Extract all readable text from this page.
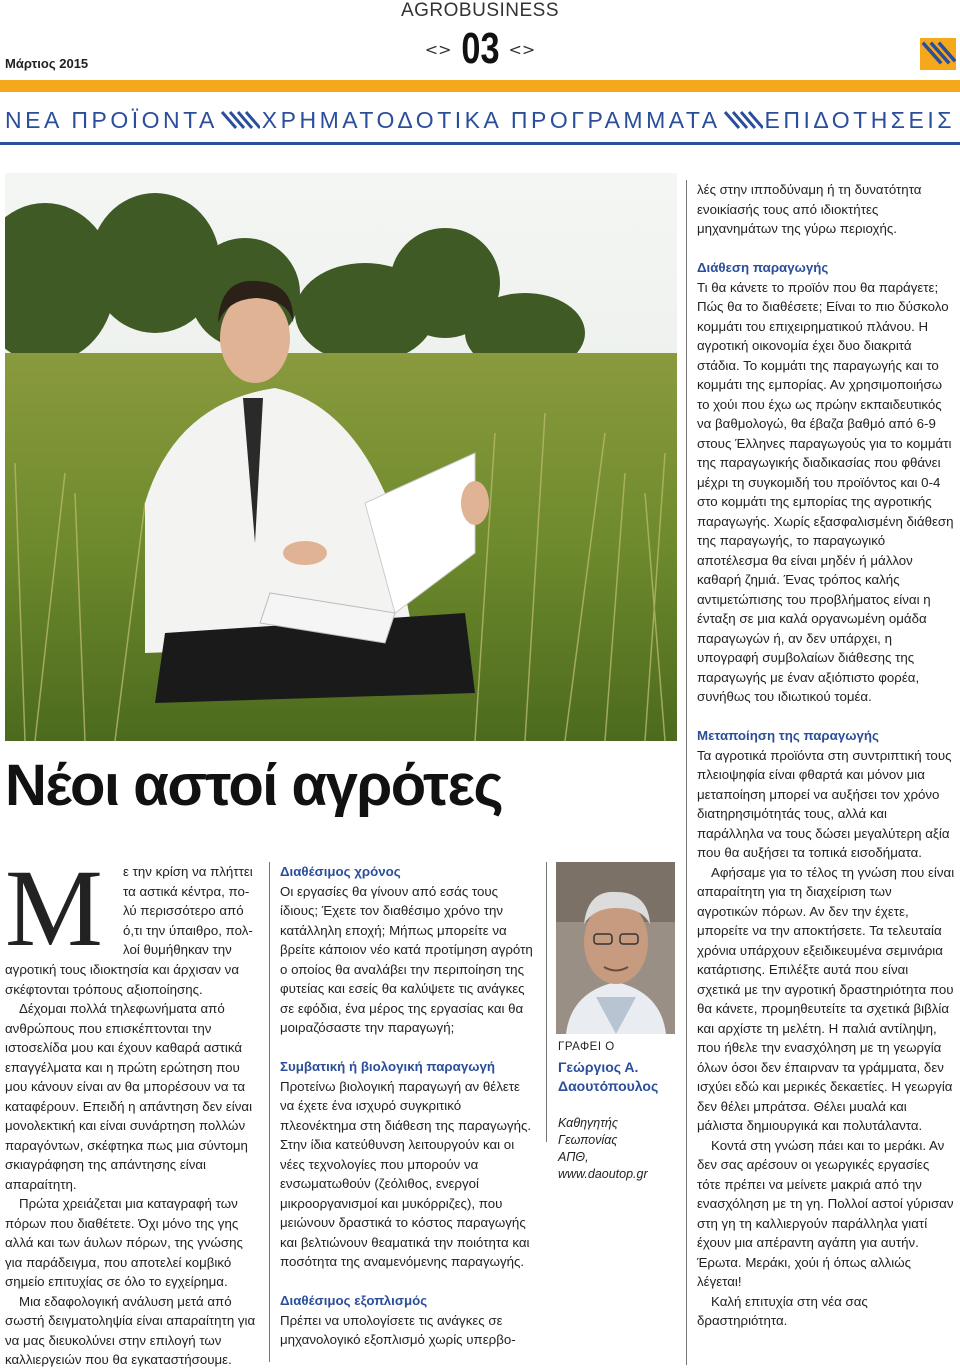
AGROBUSINESS
Μάρτιος 2015
<> 03 <>
ΝΕΑ ΠΡΟΪΟΝΤΑ ΧΡΗΜΑΤΟΔΟΤΙΚΑ ΠΡΟΓΡΑΜΜΑΤΑ ΕΠΙΔΟΤΗΣΕΙΣ
Νέοι αστοί αγρότες
Μ ε την κρίση να πλήττει
τα αστικά κέντρα, πο-
λύ περισσότερο από
ό,τι την ύπαιθρο, πολ-
λοί θυμήθηκαν την

αγροτική τους ιδιοκτησία και άρχισαν να σκέφτονται τρόπους αξιοποίησης.

Δέχομαι πολλά τηλεφωνήματα από ανθρώπους που επισκέπτονται την ιστοσελίδα μου και έχουν καθαρά αστικά επαγγέλματα και η πρώτη ερώτηση που μου κάνουν είναι αν θα μπορέσουν να τα καταφέρουν. Επειδή η απάντηση δεν είναι μονολεκτική και είναι συνάρτηση πολλών παραγόντων, σκέφτηκα πως μια σύντομη σκιαγράφηση της απάντησης είναι απαραίτητη.

Πρώτα χρειάζεται μια καταγραφή των πόρων που διαθέτετε. Όχι μόνο της γης αλλά και των άυλων πόρων, της γνώσης για παράδειγμα, που αποτελεί κομβικό σημείο επιτυχίας σε όλο το εγχείρημα.

Μια εδαφολογική ανάλυση μετά από σωστή δειγματοληψία είναι απαραίτητη για να μας διευκολύνει στην επιλογή των καλλιεργειών που θα εγκαταστήσουμε.

Διαθέσιμος χρόνος

Οι εργασίες θα γίνουν από εσάς τους ίδιους; Έχετε τον διαθέσιμο χρόνο την κατάλληλη εποχή; Μήπως μπορείτε να βρείτε κάποιον νέο κατά προτίμηση αγρότη ο οποίος θα αναλάβει την περιποίηση της φυτείας και εσείς θα καλύψετε τις ανάγκες σε εφόδια, ένα μέρος της εργασίας και θα μοιραζόσαστε την παραγωγή;

Συμβατική ή βιολογική παραγωγή

Προτείνω βιολογική παραγωγή αν θέλετε να έχετε ένα ισχυρό συγκριτικό πλεονέκτημα στη διάθεση της παραγωγής. Στην ίδια κατεύθυνση λειτουργούν και οι νέες τεχνολογίες που μπορούν να ενσωματωθούν (ζεόλιθος, ενεργοί μικροοργανισμοί και μυκόρριζες), που μειώνουν δραστικά το κόστος παραγωγής και βελτιώνουν θεαματικά την ποιότητα και ποσότητα της αναμενόμενης παραγωγής.

Διαθέσιμος εξοπλισμός

Πρέπει να υπολογίσετε τις ανάγκες σε μηχανολογικό εξοπλισμό χωρίς υπερβο-

ΓΡΑΦΕΙ Ο
Γεώργιος Α.
Δαουτόπουλος
Καθηγητής Γεωπονίας
ΑΠΘ, www.daoutop.gr

λές στην ιπποδύναμη ή τη δυνατότητα ενοικίασής τους από ιδιοκτήτες μηχανημάτων της γύρω περιοχής.

Διάθεση παραγωγής

Τι θα κάνετε το προϊόν που θα παράγετε; Πώς θα το διαθέσετε; Είναι το πιο δύσκολο κομμάτι του επιχειρηματικού πλάνου. Η αγροτική οικονομία έχει δυο διακριτά στάδια. Το κομμάτι της παραγωγής και το κομμάτι της εμπορίας. Αν χρησιμοποιήσω το χούι που έχω ως πρώην εκπαιδευτικός να βαθμολογώ, θα έβαζα βαθμό από 6-9 στους Έλληνες παραγωγούς για το κομμάτι της παραγωγικής διαδικασίας που φθάνει μέχρι τη συγκομιδή του προϊόντος και 0-4 στο κομμάτι της εμπορίας της αγροτικής παραγωγής. Χωρίς εξασφαλισμένη διάθεση της παραγωγής, το παραγωγικό αποτέλεσμα θα είναι μηδέν ή μάλλον καθαρή ζημιά. Ένας τρόπος καλής αντιμετώπισης του προβλήματος είναι η ένταξη σε μια καλά οργανωμένη ομάδα παραγωγών ή, αν δεν υπάρχει, η υπογραφή συμβολαίων διάθεσης της παραγωγής με έναν αξιόπιστο φορέα, συνήθως του ιδιωτικού τομέα.

Μεταποίηση της παραγωγής

Τα αγροτικά προϊόντα στη συντριπτική τους πλειοψηφία είναι φθαρτά και μόνον μια μεταποίηση μπορεί να αυξήσει τον χρόνο διατηρησιμότητάς τους, αλλά και παράλληλα να τους δώσει μεγαλύτερη αξία που θα αυξήσει τα τοπικά εισοδήματα.

Αφήσαμε για το τέλος τη γνώση που είναι απαραίτητη για τη διαχείριση των αγροτικών πόρων. Αν δεν την έχετε, μπορείτε να την αποκτήσετε. Τα τελευταία χρόνια υπάρχουν εξειδικευμένα σεμινάρια κατάρτισης. Επιλέξτε αυτά που είναι σχετικά με την αγροτική δραστηριότητα που θα κάνετε, προμηθευτείτε τα σχετικά βιβλία και αρχίστε τη μελέτη. Η παλιά αντίληψη, που ήθελε την ενασχόληση με τη γεωργία όλων όσοι δεν έπαιρναν τα γράμματα, δεν ισχύει εδώ και μερικές δεκαετίες. Η γεωργία δεν θέλει μπράτσα. Θέλει μυαλά και μάλιστα δημιουργικά και πολυτάλαντα.

Κοντά στη γνώση πάει και το μεράκι. Αν δεν σας αρέσουν οι γεωργικές εργασίες τότε πρέπει να μείνετε μακριά από την ενασχόληση με τη γη. Πολλοί αστοί γύρισαν στη γη τη καλλιεργούν παράλληλα γιατί έχουν μια απέραντη αγάπη για αυτήν. Έρωτα. Μεράκι, χούι ή όπως αλλιώς λέγεται!

Καλή επιτυχία στη νέα σας δραστηριότητα.
